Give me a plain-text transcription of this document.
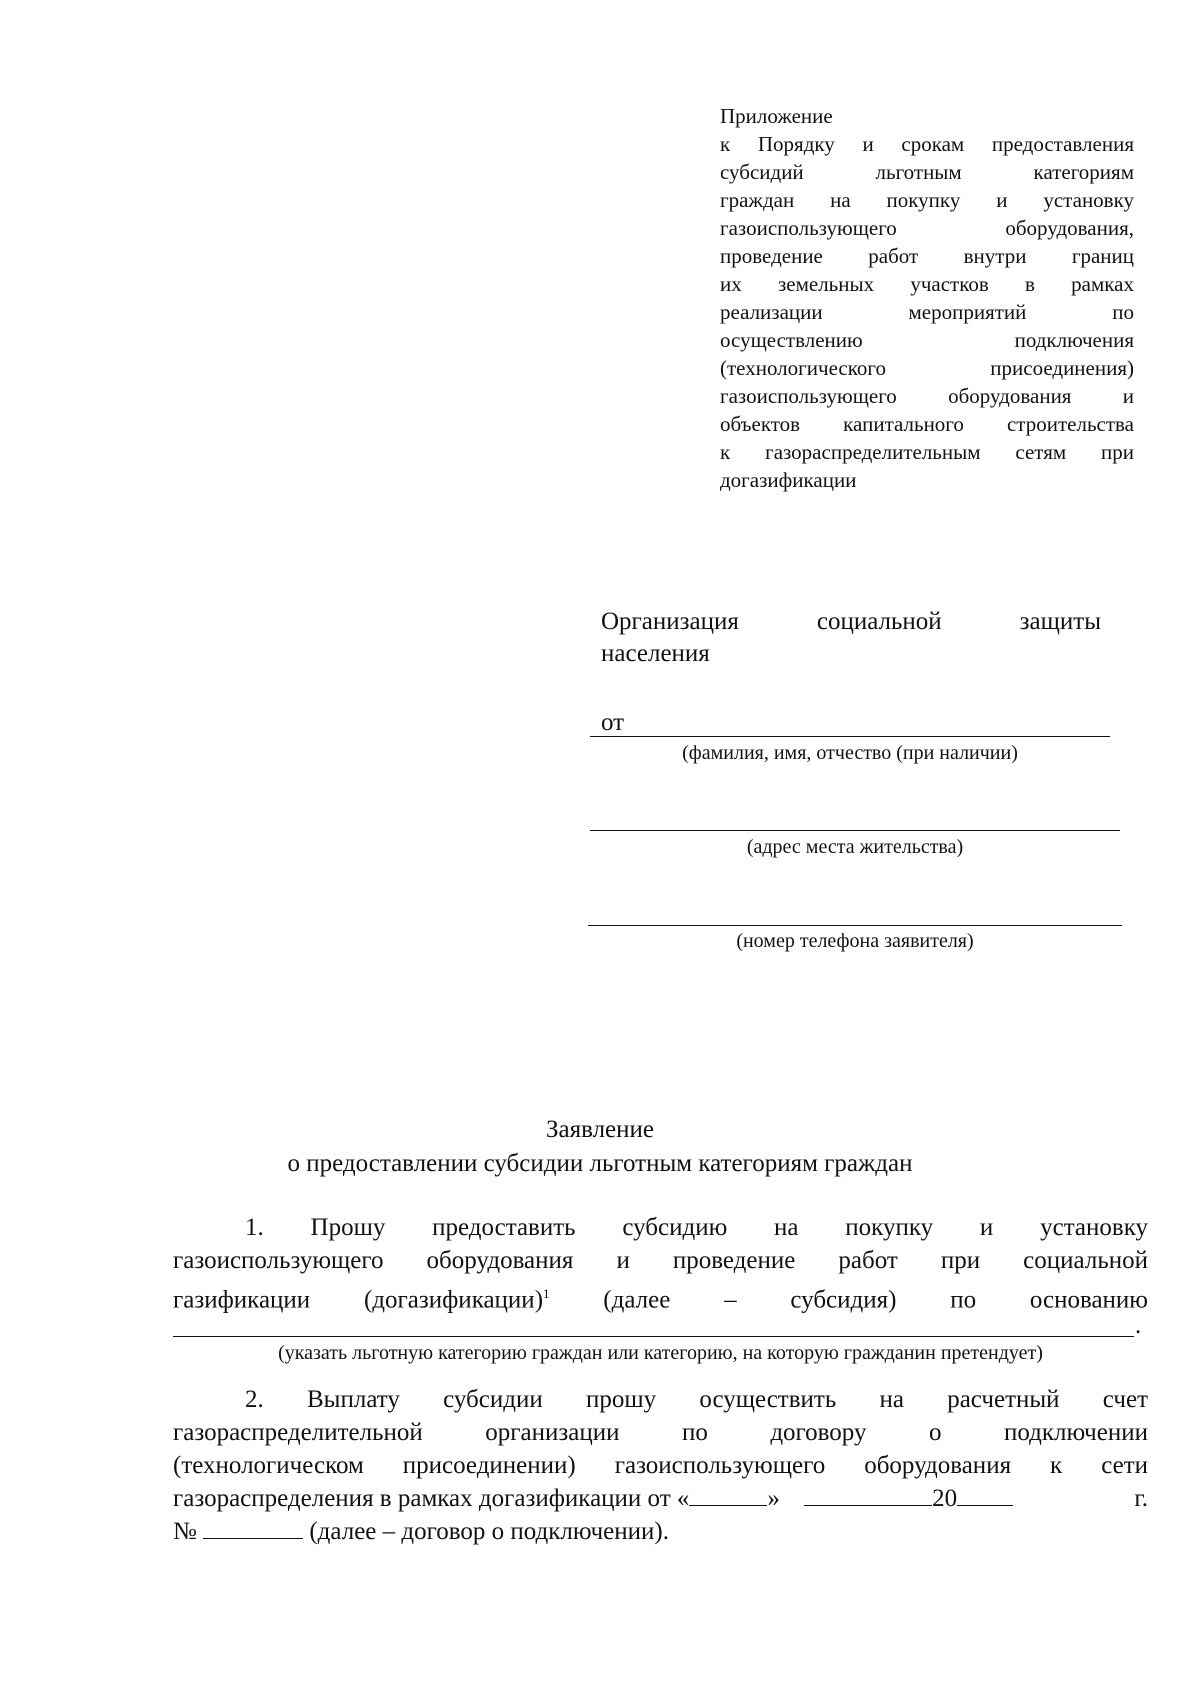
Приложение
к Порядку и срокам предоставления
субсидий льготным категориям
граждан на покупку и установку
газоиспользующего оборудования,
проведение работ внутри границ
их земельных участков в рамках
реализации мероприятий по
осуществлению подключения
(технологического присоединения)
газоиспользующего оборудования и
объектов капитального строительства
к газораспределительным сетям при
догазификации
Организация социальной защиты
населения
от
(фамилия, имя, отчество (при наличии)
(адрес места жительства)
(номер телефона заявителя)
Заявление
о предоставлении субсидии льготным категориям граждан
1. Прошу предоставить субсидию на покупку и установку
газоиспользующего оборудования и проведение работ при социальной
газификации (догазификации)$^1$ (далее – субсидия) по основанию
.
(указать льготную категорию граждан или категорию, на которую гражданин претендует)
2. Выплату субсидии прошу осуществить на расчетный счет
газораспределительной организации по договору о подключении
(технологическом присоединении) газоиспользующего оборудования к сети
газораспределения в рамках догазификации от «	»	20	г.
№	(далее – договор о подключении).
